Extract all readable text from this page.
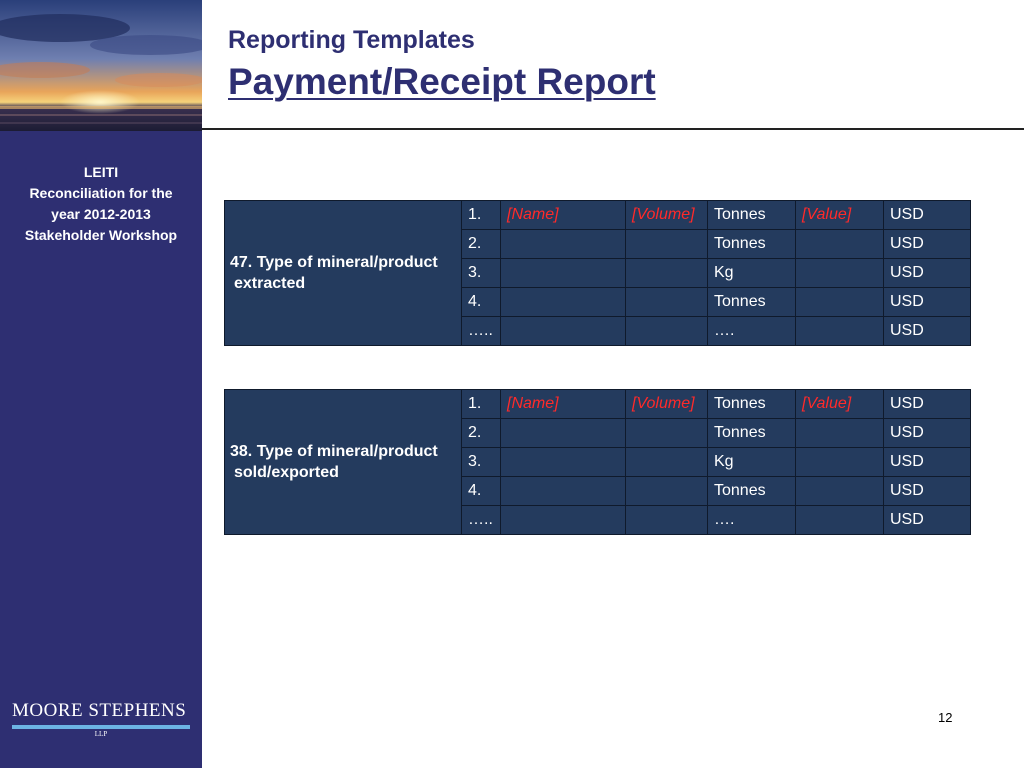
LEITI
Reconciliation for the
year 2012-2013
Stakeholder Workshop
MOORE STEPHENS
LLP
Reporting Templates
Payment/Receipt Report
47. Type of mineral/product
extracted	1.	[Name]	[Volume]	Tonnes	[Value]	USD
	2.			Tonnes		USD
	3.			Kg		USD
	4.			Tonnes		USD
	…..			….		USD
38. Type of mineral/product
sold/exported	1.	[Name]	[Volume]	Tonnes	[Value]	USD
	2.			Tonnes		USD
	3.			Kg		USD
	4.			Tonnes		USD
	…..			….		USD
12
